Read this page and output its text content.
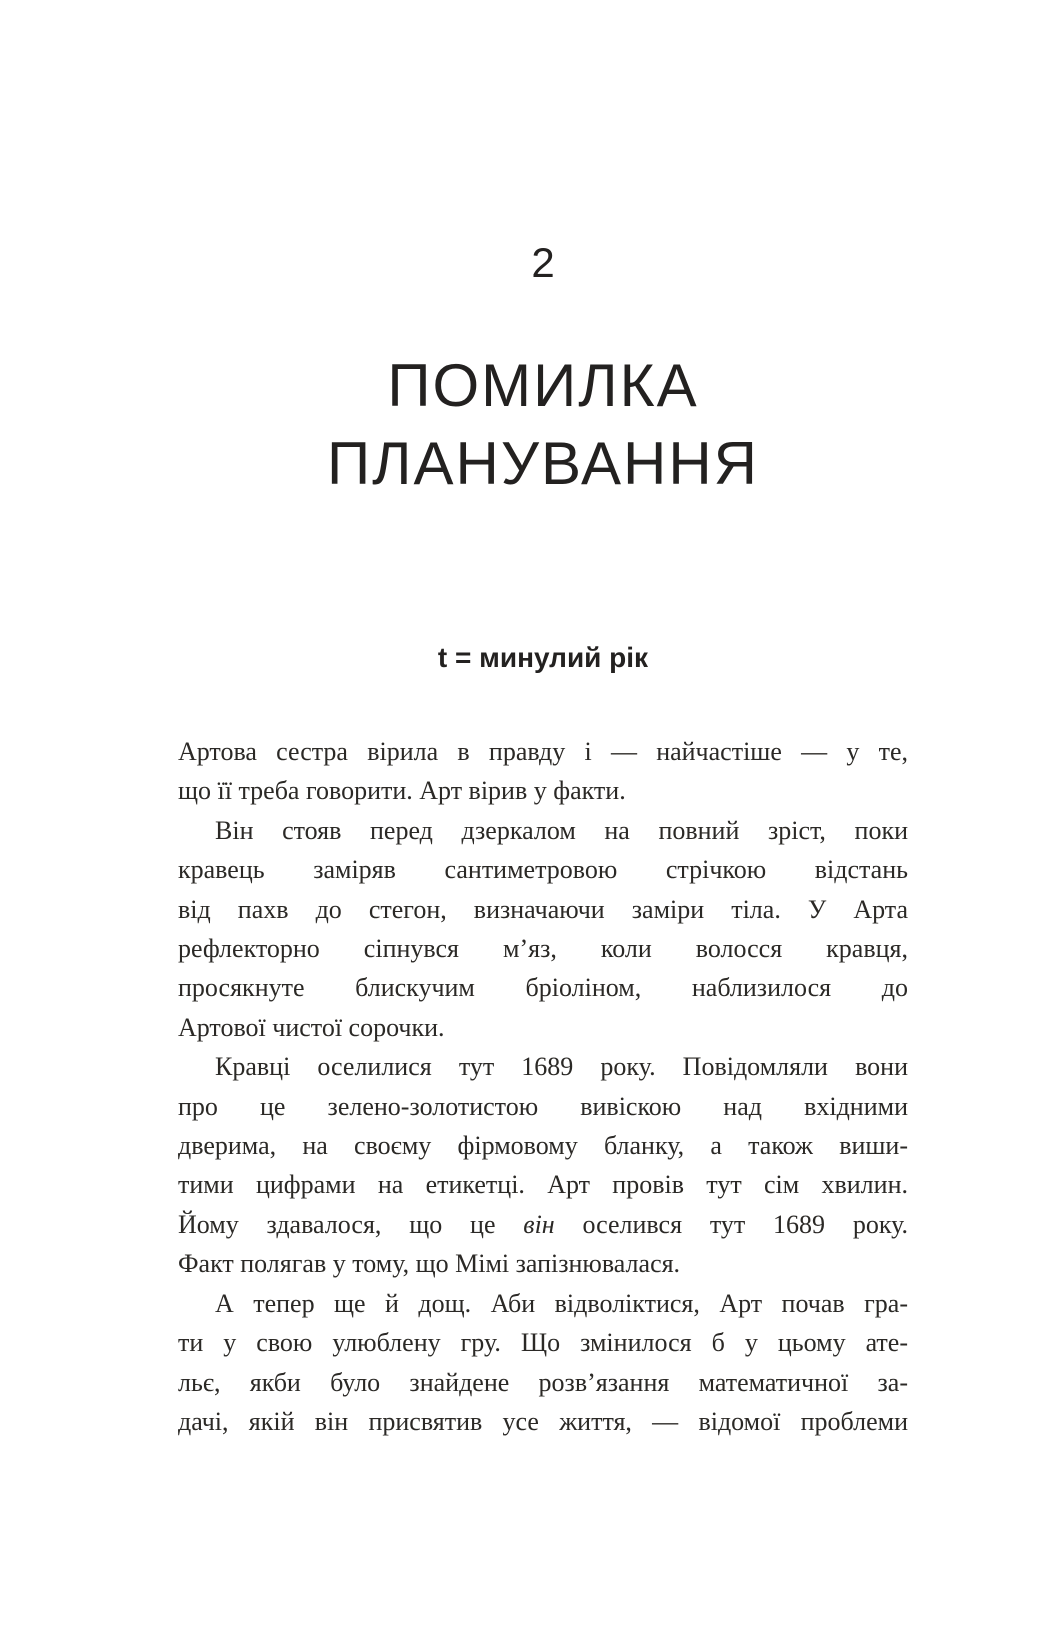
2
ПОМИЛКА
ПЛАНУВАННЯ
t = минулий рік
Артова сестра вірила в правду і — найчастіше — у те,
що її треба говорити. Арт вірив у факти.
Він стояв перед дзеркалом на повний зріст, поки
кравець заміряв сантиметровою стрічкою відстань
від пахв до стегон, визначаючи заміри тіла. У Арта
рефлекторно сіпнувся м’яз, коли волосся кравця,
просякнуте блискучим бріоліном, наблизилося до
Артової чистої сорочки.
Кравці оселилися тут 1689 року. Повідомляли вони
про це зелено-золотистою вивіскою над вхідними
дверима, на своєму фірмовому бланку, а також виши-
тими цифрами на етикетці. Арт провів тут сім хвилин.
Йому здавалося, що це він оселився тут 1689 року.
Факт полягав у тому, що Мімі запізнювалася.
А тепер ще й дощ. Аби відволіктися, Арт почав гра-
ти у свою улюблену гру. Що змінилося б у цьому ате-
льє, якби було знайдене розв’язання математичної за-
дачі, якій він присвятив усе життя, — відомої проблеми
